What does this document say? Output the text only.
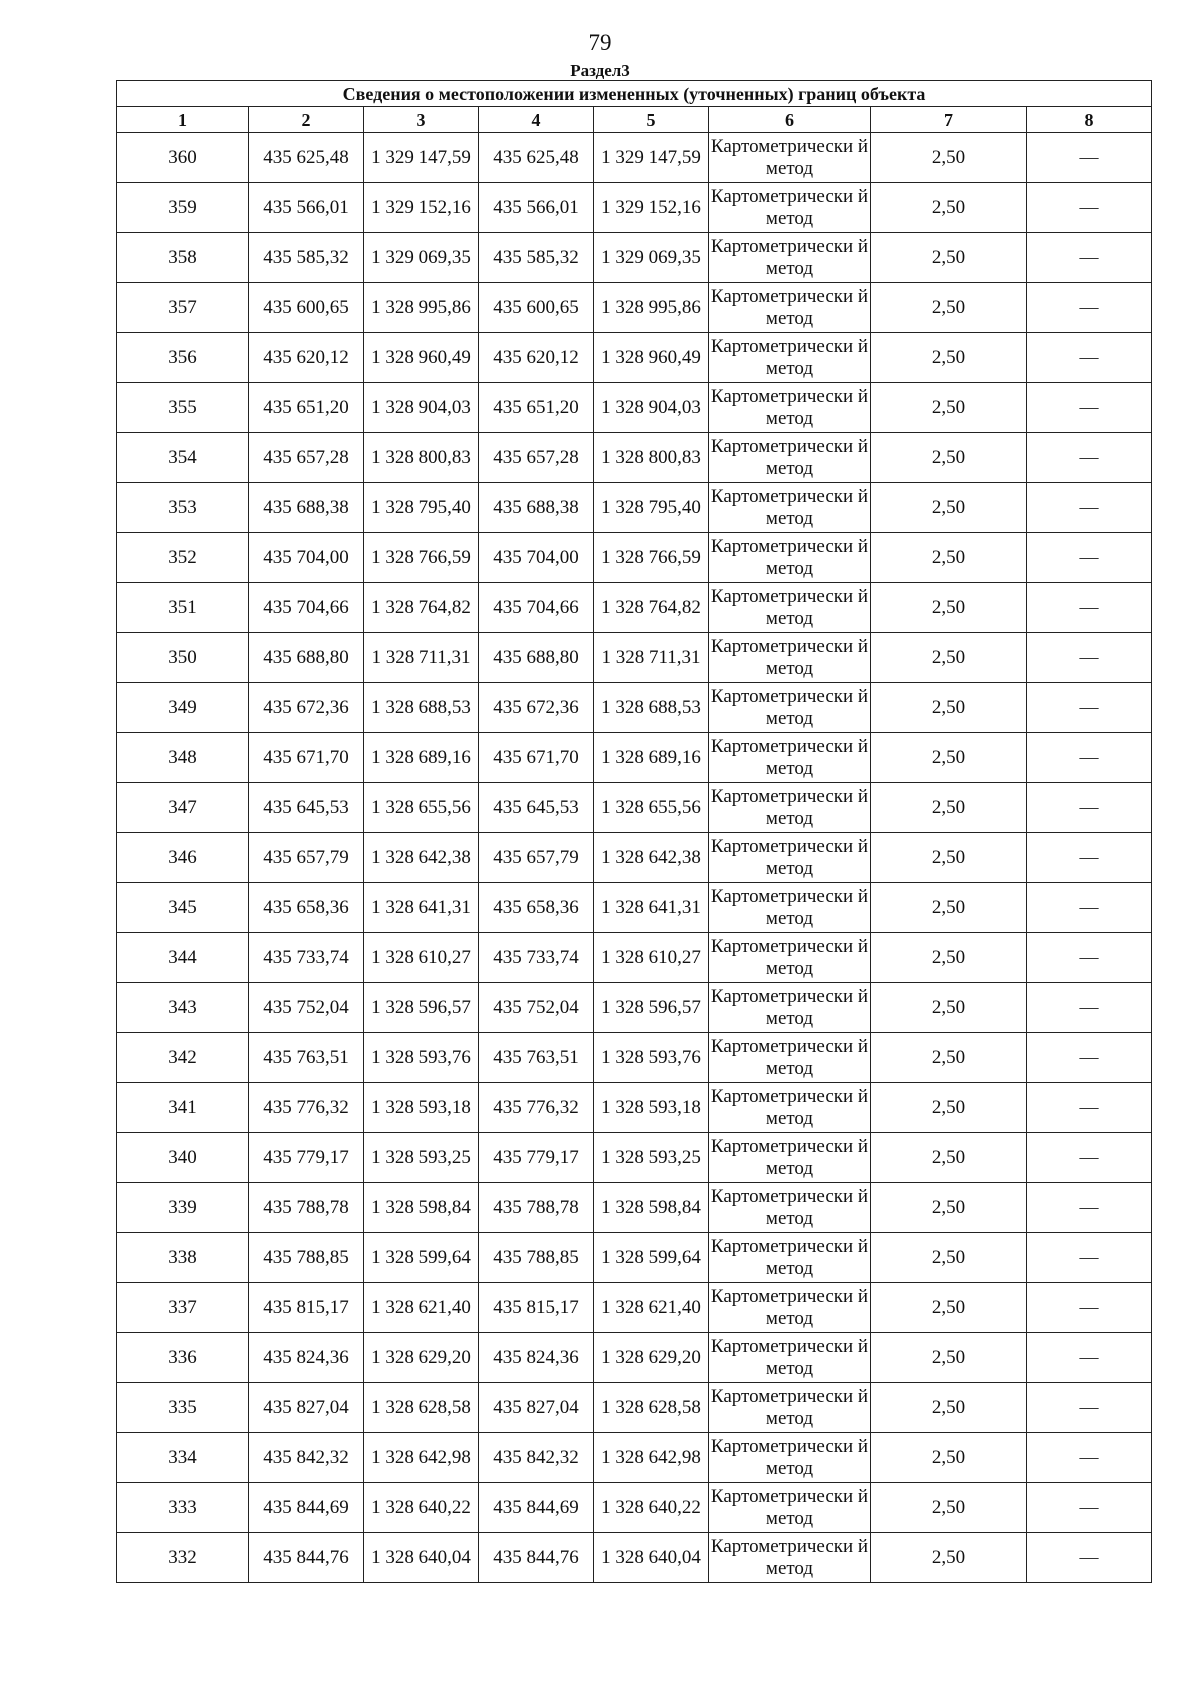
79
Раздел3
Сведения о местоположении измененных (уточненных) границ объекта							
1	2	3	4	5	6	7	8
360	435 625,48	1 329 147,59	435 625,48	1 329 147,59	Картометрически й метод	2,50	—
359	435 566,01	1 329 152,16	435 566,01	1 329 152,16	Картометрически й метод	2,50	—
358	435 585,32	1 329 069,35	435 585,32	1 329 069,35	Картометрически й метод	2,50	—
357	435 600,65	1 328 995,86	435 600,65	1 328 995,86	Картометрически й метод	2,50	—
356	435 620,12	1 328 960,49	435 620,12	1 328 960,49	Картометрически й метод	2,50	—
355	435 651,20	1 328 904,03	435 651,20	1 328 904,03	Картометрически й метод	2,50	—
354	435 657,28	1 328 800,83	435 657,28	1 328 800,83	Картометрически й метод	2,50	—
353	435 688,38	1 328 795,40	435 688,38	1 328 795,40	Картометрически й метод	2,50	—
352	435 704,00	1 328 766,59	435 704,00	1 328 766,59	Картометрически й метод	2,50	—
351	435 704,66	1 328 764,82	435 704,66	1 328 764,82	Картометрически й метод	2,50	—
350	435 688,80	1 328 711,31	435 688,80	1 328 711,31	Картометрически й метод	2,50	—
349	435 672,36	1 328 688,53	435 672,36	1 328 688,53	Картометрически й метод	2,50	—
348	435 671,70	1 328 689,16	435 671,70	1 328 689,16	Картометрически й метод	2,50	—
347	435 645,53	1 328 655,56	435 645,53	1 328 655,56	Картометрически й метод	2,50	—
346	435 657,79	1 328 642,38	435 657,79	1 328 642,38	Картометрически й метод	2,50	—
345	435 658,36	1 328 641,31	435 658,36	1 328 641,31	Картометрически й метод	2,50	—
344	435 733,74	1 328 610,27	435 733,74	1 328 610,27	Картометрически й метод	2,50	—
343	435 752,04	1 328 596,57	435 752,04	1 328 596,57	Картометрически й метод	2,50	—
342	435 763,51	1 328 593,76	435 763,51	1 328 593,76	Картометрически й метод	2,50	—
341	435 776,32	1 328 593,18	435 776,32	1 328 593,18	Картометрически й метод	2,50	—
340	435 779,17	1 328 593,25	435 779,17	1 328 593,25	Картометрически й метод	2,50	—
339	435 788,78	1 328 598,84	435 788,78	1 328 598,84	Картометрически й метод	2,50	—
338	435 788,85	1 328 599,64	435 788,85	1 328 599,64	Картометрически й метод	2,50	—
337	435 815,17	1 328 621,40	435 815,17	1 328 621,40	Картометрически й метод	2,50	—
336	435 824,36	1 328 629,20	435 824,36	1 328 629,20	Картометрически й метод	2,50	—
335	435 827,04	1 328 628,58	435 827,04	1 328 628,58	Картометрически й метод	2,50	—
334	435 842,32	1 328 642,98	435 842,32	1 328 642,98	Картометрически й метод	2,50	—
333	435 844,69	1 328 640,22	435 844,69	1 328 640,22	Картометрически й метод	2,50	—
332	435 844,76	1 328 640,04	435 844,76	1 328 640,04	Картометрически й метод	2,50	—
